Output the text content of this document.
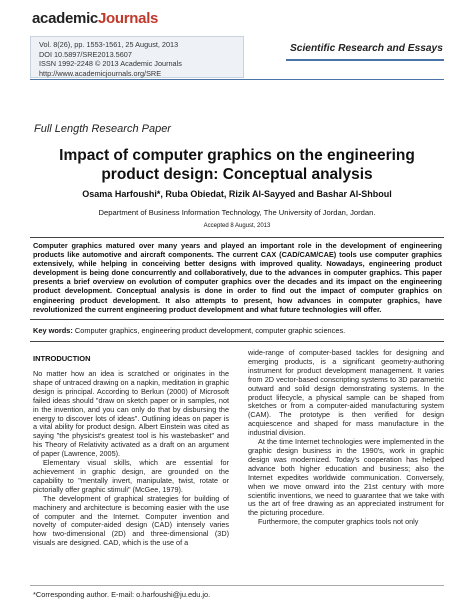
academicJournals
Vol. 8(26), pp. 1553-1561, 25 August, 2013
DOI 10.5897/SRE2013.5607
ISSN 1992-2248 © 2013 Academic Journals
http://www.academicjournals.org/SRE
Scientific Research and Essays
Full Length Research Paper
Impact of computer graphics on the engineering product design: Conceptual analysis
Osama Harfoushi*, Ruba Obiedat, Rizik Al-Sayyed and Bashar Al-Shboul
Department of Business Information Technology, The University of Jordan, Jordan.
Accepted 8 August, 2013
Computer graphics matured over many years and played an important role in the development of engineering products like automotive and aircraft components. The current CAX (CAD/CAM/CAE) tools use computer graphics extensively, while helping in conceiving better designs with improved quality. Nowadays, engineering product development is being done concurrently and collaboratively, due to the advances in computer graphics. This paper presents a brief overview on evolution of computer graphics over the decades and its impact on the engineering product development. Conceptual analysis is done in order to find out the impact of computer graphics on engineering product development. It also attempts to present, how advances in computer graphics, have revolutionized the current engineering product development and what future technologies will offer.
Key words: Computer graphics, engineering product development, computer graphic sciences.
INTRODUCTION

No matter how an idea is scratched or originates in the shape of untraced drawing on a napkin, meditation in graphic design is principal. According to Berkun (2000) of Microsoft failed ideas should "draw on sketch paper or in samples, not in the invention, and you can only do that by disbursing the energy to discover lots of ideas". Outlining ideas on paper is a vital ability for product design. Albert Einstein was cited as saying "the physicist's greatest tool is his wastebasket" and his Theory of Relativity activated as a draft on an argument of paper (Lawrence, 2005).

Elementary visual skills, which are essential for achievement in graphic design, are grounded on the capability to "mentally invert, manipulate, twist, rotate or pictorially offer graphic stimuli" (McGee, 1979).

The development of graphical strategies for building of machinery and architecture is becoming easier with the use of computer and the Internet. Computer invention and novelty of computer-aided design (CAD) intensely varies how two-dimensional (2D) and three-dimensional (3D) visuals are designed. CAD, which is the use of a

wide-range of computer-based tackles for designing and emerging products, is a significant geometry-authoring instrument for product development management. It varies from 2D vector-based conscripting systems to 3D parametric outward and solid design demonstrating systems. In the product lifecycle, a physical sample can be shaped from sketches or from a computer-aided manufacturing system (CAM). The prototype is then verified for design acquiescence and shaped for mass manufacture in the industrial division.

At the time Internet technologies were implemented in the graphic design business in the 1990's, work in graphic design was modernized. Today's cooperation has helped advance both higher education and business; also the Internet expedites worldwide communication. Conversely, when we move onward into the 21st century with more scientific inventions, we need to guarantee that we take with us the art of free drawing as an appreciated instrument for the picturing procedure.

Furthermore, the computer graphics tools not only

*Corresponding author. E-mail: o.harfoushi@ju.edu.jo.
